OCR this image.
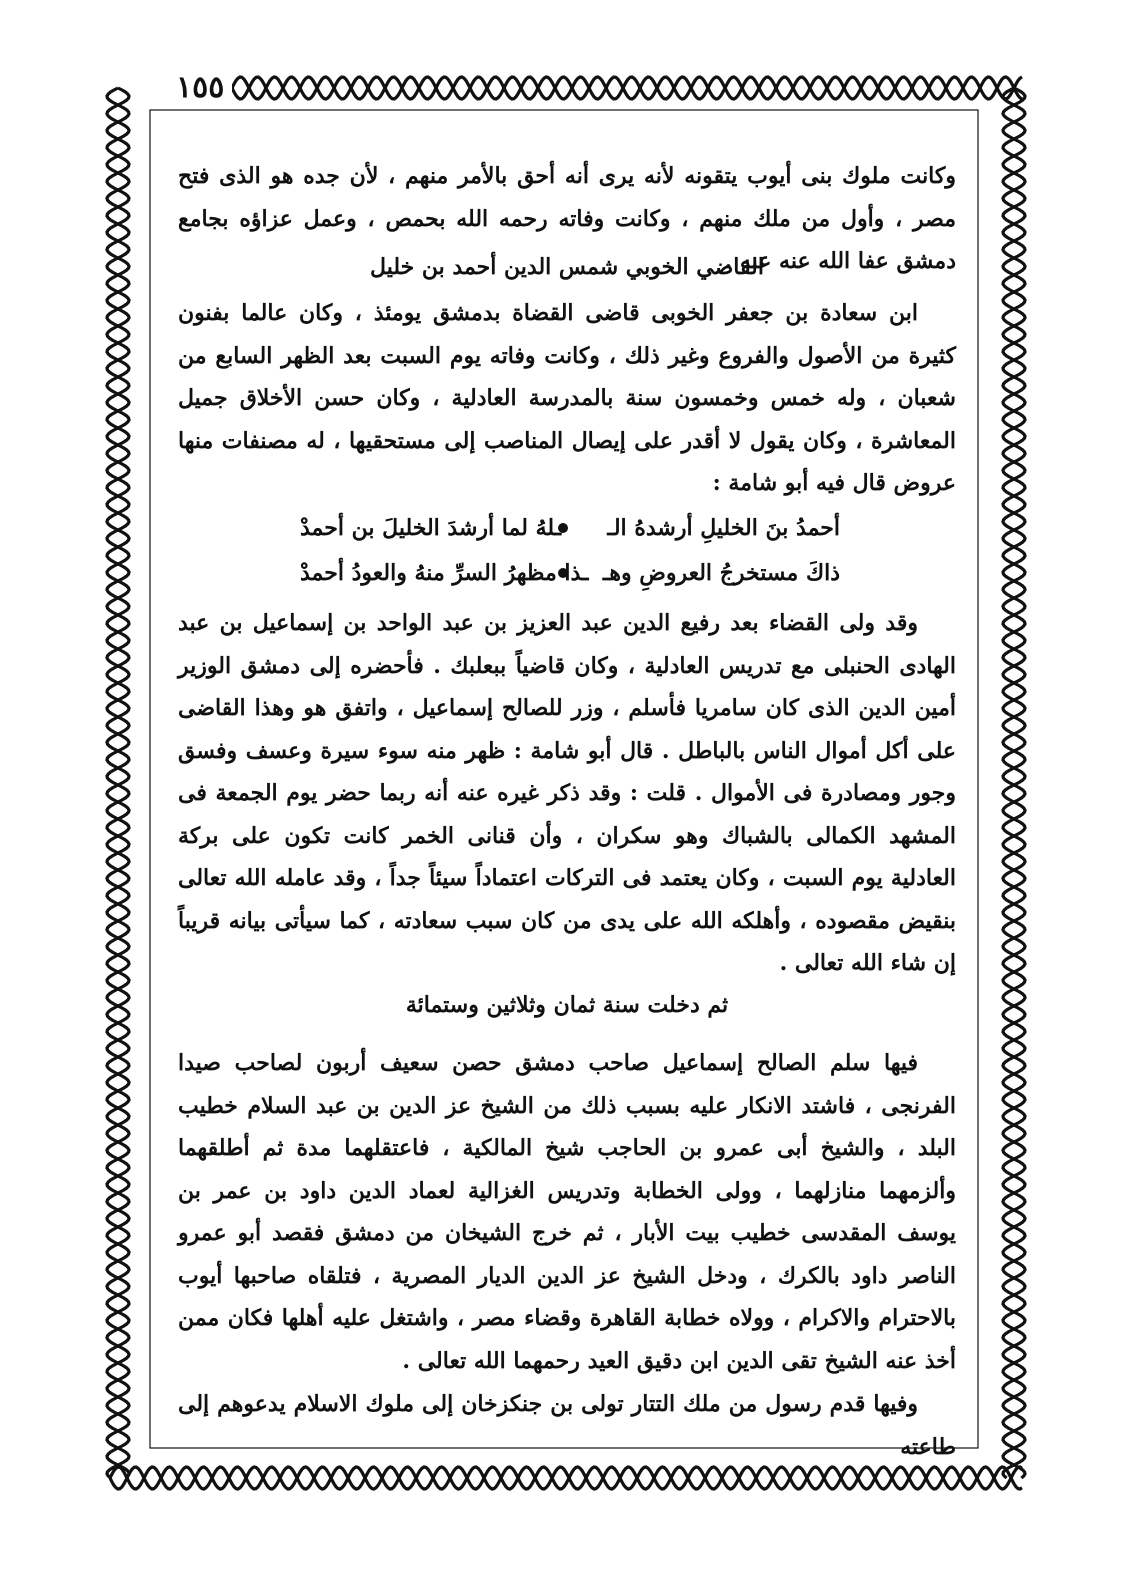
١٥٥
وكانت ملوك بنى أيوب يتقونه لأنه يرى أنه أحق بالأمر منهم ، لأن جده هو الذى فتح مصر ، وأول من ملك منهم ، وكانت وفاته رحمه الله بحمص ، وعمل عزاؤه بجامع دمشق عفا الله عنه عنه .
القاضي الخوبي شمس الدين أحمد بن خليل
ابن سعادة بن جعفر الخوبى قاضى القضاة بدمشق يومئذ ، وكان عالما بفنون كثيرة من الأصول والفروع وغير ذلك ، وكانت وفاته يوم السبت بعد الظهر السابع من شعبان ، وله خمس وخمسون سنة بالمدرسة العادلية ، وكان حسن الأخلاق جميل المعاشرة ، وكان يقول لا أقدر على إيصال المناصب إلى مستحقيها ، له مصنفات منها عروض قال فيه أبو شامة :
أحمدُ بنَ الخليلِ أرشدهُ الـ
ـلهُ لما أرشدَ الخليلَ بن أحمدْ
ذاكَ مستخرجُ العروضِ وهـ
ـذا مظهرُ السرِّ منهُ والعودُ أحمدْ
وقد ولى القضاء بعد رفيع الدين عبد العزيز بن عبد الواحد بن إسماعيل بن عبد الهادى الحنبلى مع تدريس العادلية ، وكان قاضياً ببعلبك . فأحضره إلى دمشق الوزير أمين الدين الذى كان سامريا فأسلم ، وزر للصالح إسماعيل ، واتفق هو وهذا القاضى على أكل أموال الناس بالباطل . قال أبو شامة : ظهر منه سوء سيرة وعسف وفسق وجور ومصادرة فى الأموال . قلت : وقد ذكر غيره عنه أنه ربما حضر يوم الجمعة فى المشهد الكمالى بالشباك وهو سكران ، وأن قنانى الخمر كانت تكون على بركة العادلية يوم السبت ، وكان يعتمد فى التركات اعتماداً سيئاً جداً ، وقد عامله الله تعالى بنقيض مقصوده ، وأهلكه الله على يدى من كان سبب سعادته ، كما سيأتى بيانه قريباً إن شاء الله تعالى .
ثم دخلت سنة ثمان وثلاثين وستمائة
فيها سلم الصالح إسماعيل صاحب دمشق حصن سعيف أربون لصاحب صيدا الفرنجى ، فاشتد الانكار عليه بسبب ذلك من الشيخ عز الدين بن عبد السلام خطيب البلد ، والشيخ أبى عمرو بن الحاجب شيخ المالكية ، فاعتقلهما مدة ثم أطلقهما وألزمهما منازلهما ، وولى الخطابة وتدريس الغزالية لعماد الدين داود بن عمر بن يوسف المقدسى خطيب بيت الأبار ، ثم خرج الشيخان من دمشق فقصد أبو عمرو الناصر داود بالكرك ، ودخل الشيخ عز الدين الديار المصرية ، فتلقاه صاحبها أيوب بالاحترام والاكرام ، وولاه خطابة القاهرة وقضاء مصر ، واشتغل عليه أهلها فكان ممن أخذ عنه الشيخ تقى الدين ابن دقيق العيد رحمهما الله تعالى .
وفيها قدم رسول من ملك التتار تولى بن جنكزخان إلى ملوك الاسلام يدعوهم إلى طاعته
